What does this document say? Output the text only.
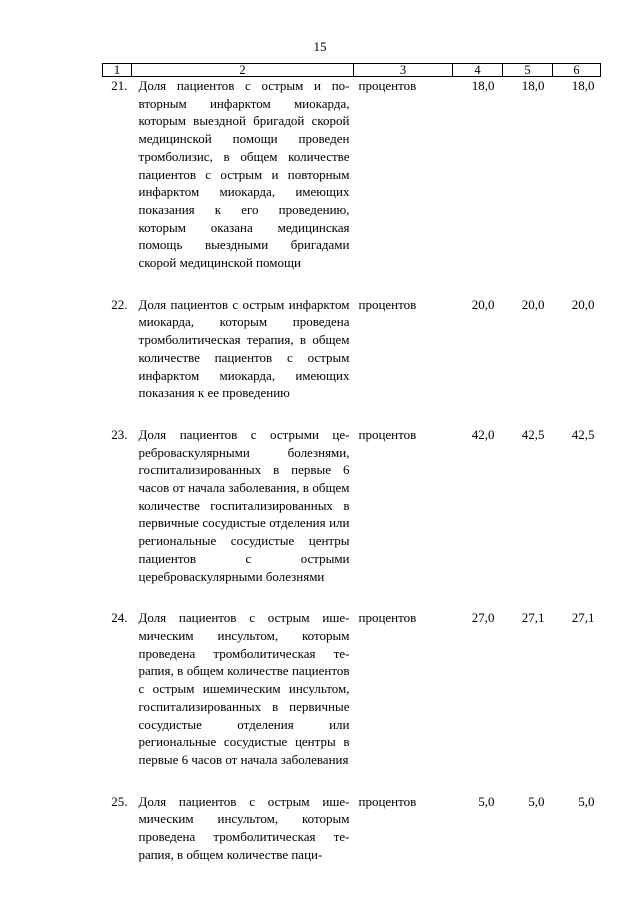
15
1	2	3	4	5	6
21.	Доля пациентов с острым и повторным инфарктом миокарда, которым выездной бригадой скорой медицинской помощи проведен тромболизис, в общем количестве пациентов с острым и повторным инфарктом миокарда, имеющих показания к его проведению, которым оказана медицинская помощь выездными бригадами скорой медицинской помощи	процентов	18,0	18,0	18,0
22.	Доля пациентов с острым инфарктом миокарда, которым проведена тромболитическая терапия, в общем количестве пациентов с острым инфарктом миокарда, имеющих показания к ее проведению	процентов	20,0	20,0	20,0
23.	Доля пациентов с острыми цереброваскулярными болезнями, госпитализированных в первые 6 часов от начала заболевания, в общем количестве госпитализированных в первичные сосудистые отделения или региональные сосудистые центры пациентов с острыми цереброваскулярными болезнями	процентов	42,0	42,5	42,5
24.	Доля пациентов с острым ишемическим инсультом, которым проведена тромболитическая терапия, в общем количестве пациентов с острым ишемическим инсультом, госпитализированных в первичные сосудистые отделения или региональные сосудистые центры в первые 6 часов от начала заболевания	процентов	27,0	27,1	27,1
25.	Доля пациентов с острым ишемическим инсультом, которым проведена тромболитическая терапия, в общем количестве паци-	процентов	5,0	5,0	5,0
